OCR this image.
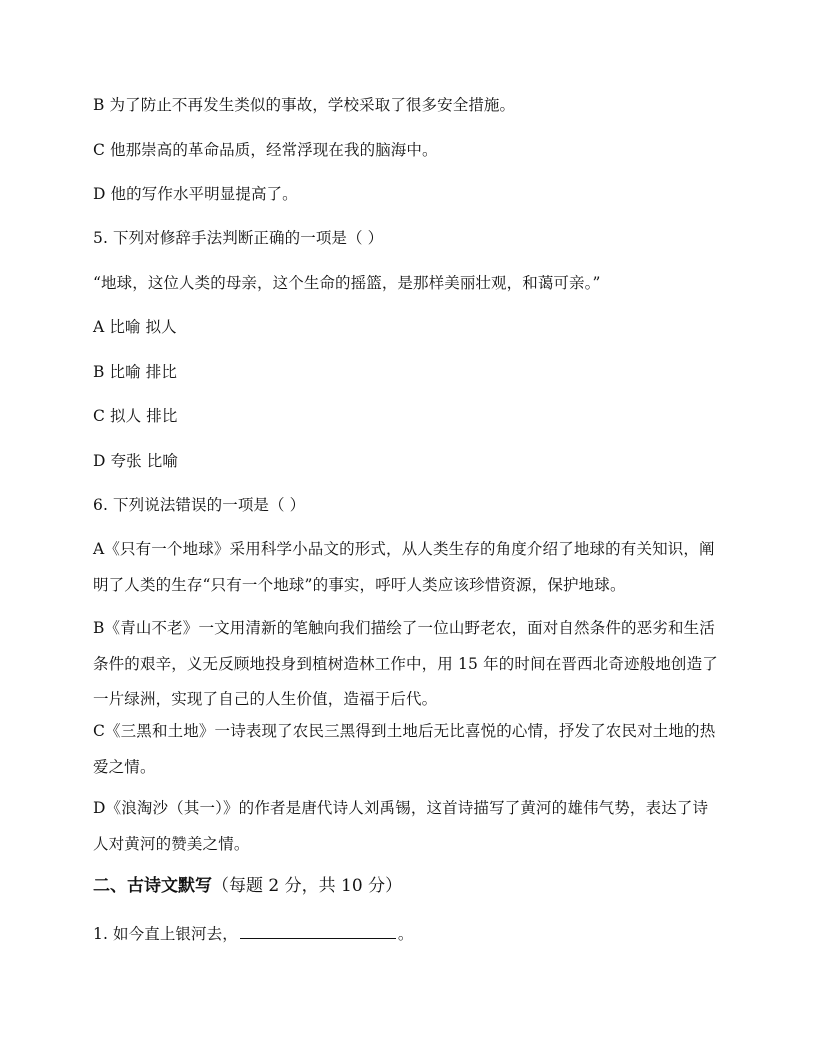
B 为了防止不再发生类似的事故，学校采取了很多安全措施。
C 他那崇高的革命品质，经常浮现在我的脑海中。
D 他的写作水平明显提高了。
5. 下列对修辞手法判断正确的一项是（ ）
“地球，这位人类的母亲，这个生命的摇篮，是那样美丽壮观，和蔼可亲。”
A 比喻 拟人
B 比喻 排比
C 拟人 排比
D 夸张 比喻
6. 下列说法错误的一项是（ ）
A《只有一个地球》采用科学小品文的形式，从人类生存的角度介绍了地球的有关知识，阐明了人类的生存“只有一个地球”的事实，呼吁人类应该珍惜资源，保护地球。
B《青山不老》一文用清新的笔触向我们描绘了一位山野老农，面对自然条件的恶劣和生活条件的艰辛，义无反顾地投身到植树造林工作中，用 15 年的时间在晋西北奇迹般地创造了一片绿洲，实现了自己的人生价值，造福于后代。
C《三黑和土地》一诗表现了农民三黑得到土地后无比喜悦的心情，抒发了农民对土地的热爱之情。
D《浪淘沙（其一）》的作者是唐代诗人刘禹锡，这首诗描写了黄河的雄伟气势，表达了诗人对黄河的赞美之情。
二、古诗文默写（每题 2 分，共 10 分）
1. 如今直上银河去，	。
